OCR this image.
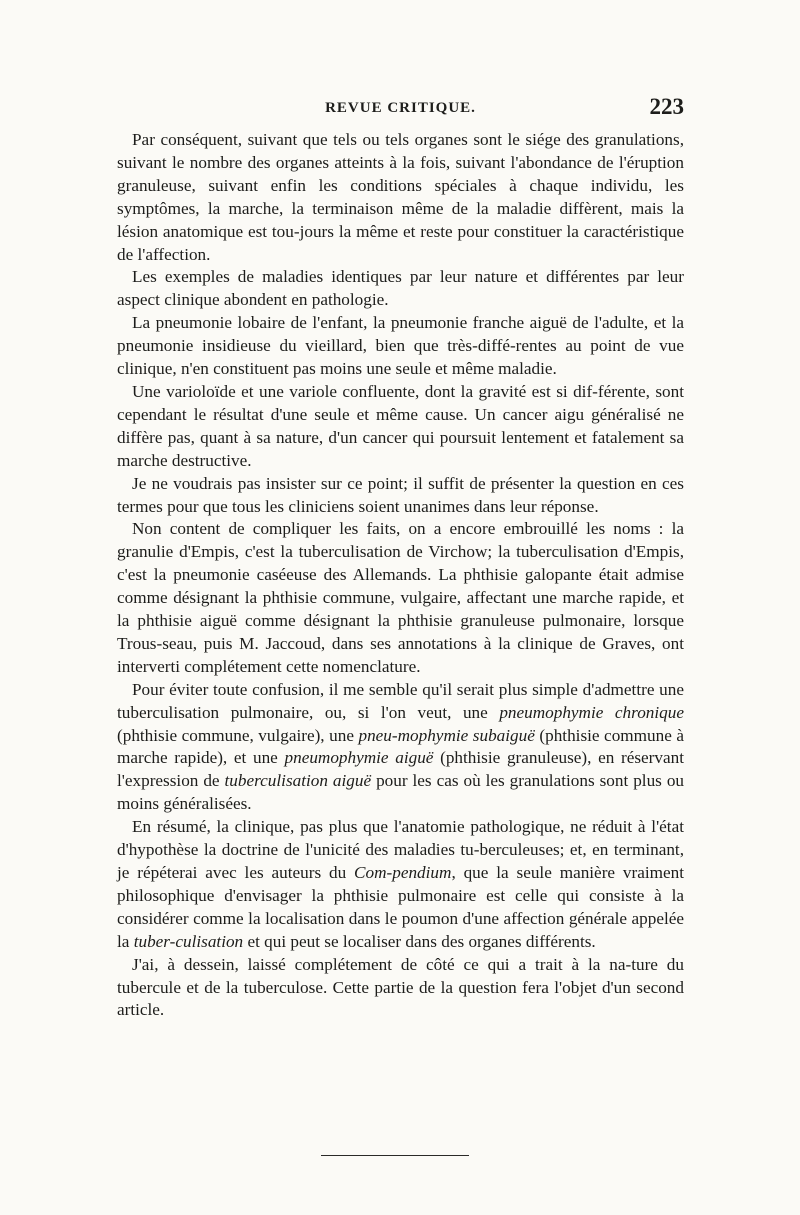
REVUE CRITIQUE.	223

Par conséquent, suivant que tels ou tels organes sont le siége des granulations, suivant le nombre des organes atteints à la fois, suivant l'abondance de l'éruption granuleuse, suivant enfin les conditions spéciales à chaque individu, les symptômes, la marche, la terminaison même de la maladie diffèrent, mais la lésion anatomique est tou-jours la même et reste pour constituer la caractéristique de l'affection.

Les exemples de maladies identiques par leur nature et différentes par leur aspect clinique abondent en pathologie.

La pneumonie lobaire de l'enfant, la pneumonie franche aiguë de l'adulte, et la pneumonie insidieuse du vieillard, bien que très-diffé-rentes au point de vue clinique, n'en constituent pas moins une seule et même maladie.

Une varioloïde et une variole confluente, dont la gravité est si dif-férente, sont cependant le résultat d'une seule et même cause. Un cancer aigu généralisé ne diffère pas, quant à sa nature, d'un cancer qui poursuit lentement et fatalement sa marche destructive.

Je ne voudrais pas insister sur ce point; il suffit de présenter la question en ces termes pour que tous les cliniciens soient unanimes dans leur réponse.

Non content de compliquer les faits, on a encore embrouillé les noms : la granulie d'Empis, c'est la tuberculisation de Virchow; la tuberculisation d'Empis, c'est la pneumonie caséeuse des Allemands. La phthisie galopante était admise comme désignant la phthisie commune, vulgaire, affectant une marche rapide, et la phthisie aiguë comme désignant la phthisie granuleuse pulmonaire, lorsque Trous-seau, puis M. Jaccoud, dans ses annotations à la clinique de Graves, ont interverti complétement cette nomenclature.

Pour éviter toute confusion, il me semble qu'il serait plus simple d'admettre une tuberculisation pulmonaire, ou, si l'on veut, une pneumophymie chronique (phthisie commune, vulgaire), une pneu-mophymie subaiguë (phthisie commune à marche rapide), et une pneumophymie aiguë (phthisie granuleuse), en réservant l'expression de tuberculisation aiguë pour les cas où les granulations sont plus ou moins généralisées.

En résumé, la clinique, pas plus que l'anatomie pathologique, ne réduit à l'état d'hypothèse la doctrine de l'unicité des maladies tu-berculeuses; et, en terminant, je répéterai avec les auteurs du Com-pendium, que la seule manière vraiment philosophique d'envisager la phthisie pulmonaire est celle qui consiste à la considérer comme la localisation dans le poumon d'une affection générale appelée la tuber-culisation et qui peut se localiser dans des organes différents.

J'ai, à dessein, laissé complétement de côté ce qui a trait à la na-ture du tubercule et de la tuberculose. Cette partie de la question fera l'objet d'un second article.
